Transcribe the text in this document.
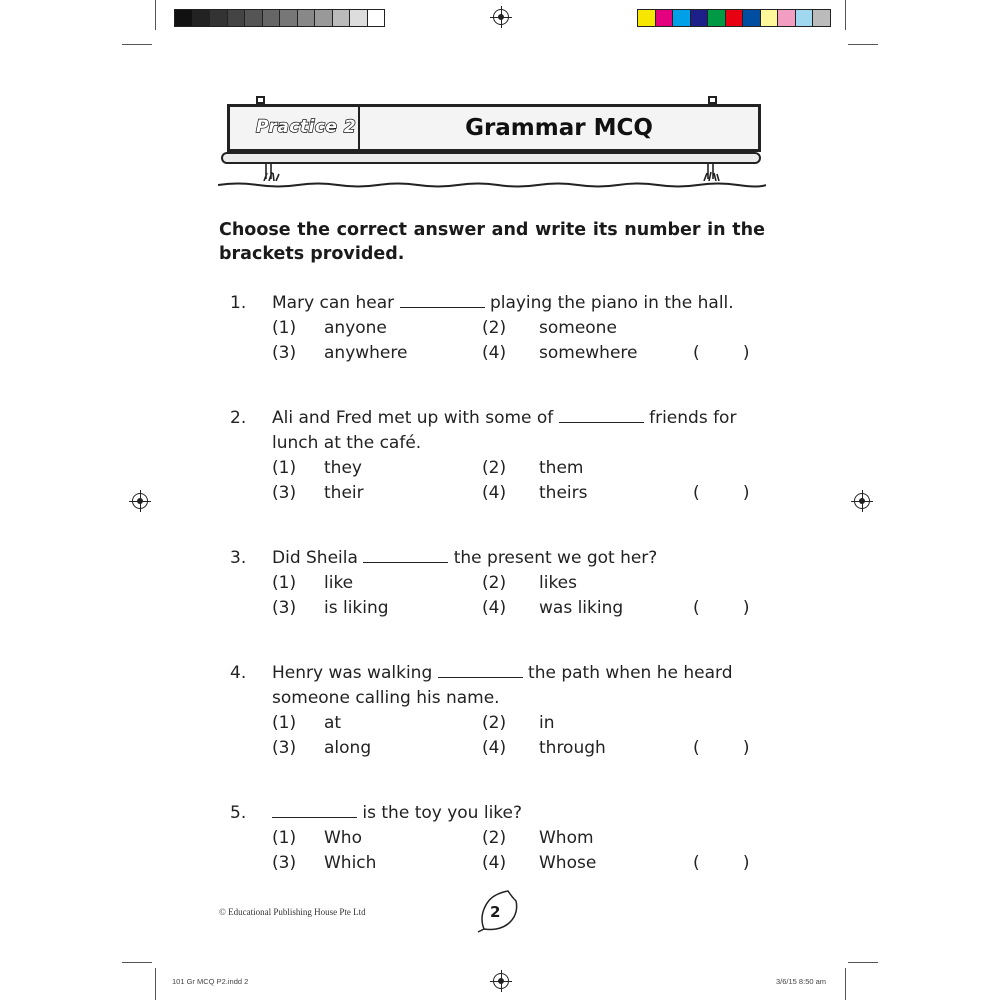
Practice 2	Grammar MCQ
Choose the correct answer and write its number in the brackets provided.
1. Mary can hear	playing the piano in the hall.
(1) anyone	(2) someone
(3) anywhere	(4) somewhere	(        )
2. Ali and Fred met up with some of	friends for
lunch at the café.
(1) they	(2) them
(3) their	(4) theirs	(        )
3. Did Sheila	the present we got her?
(1) like	(2) likes
(3) is liking	(4) was liking	(        )
4. Henry was walking	the path when he heard
someone calling his name.
(1) at	(2) in
(3) along	(4) through	(        )
5.	is the toy you like?
(1) Who	(2) Whom
(3) Which	(4) Whose	(        )
© Educational Publishing House Pte Ltd	2
101 Gr MCQ P2.indd 2	3/6/15 8:50 am
